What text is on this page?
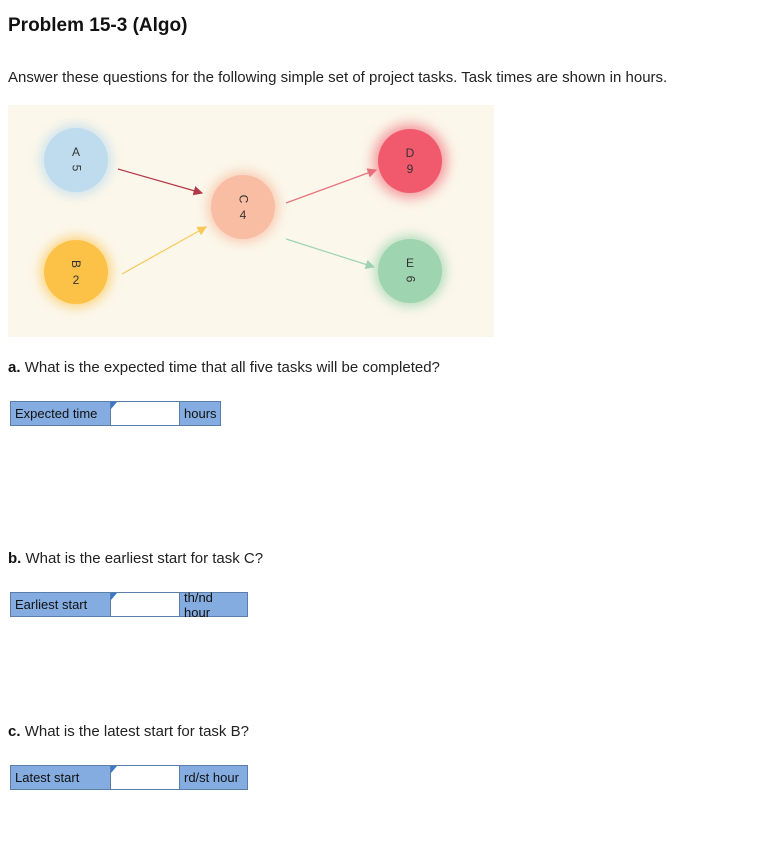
Problem 15-3 (Algo)
Answer these questions for the following simple set of project tasks. Task times are shown in hours.
A
5
B
2
C
4
D
9
E
6
a. What is the expected time that all five tasks will be completed?
Expected time	hours
b. What is the earliest start for task C?
Earliest start	th/nd hour
c. What is the latest start for task B?
Latest start	rd/st hour
